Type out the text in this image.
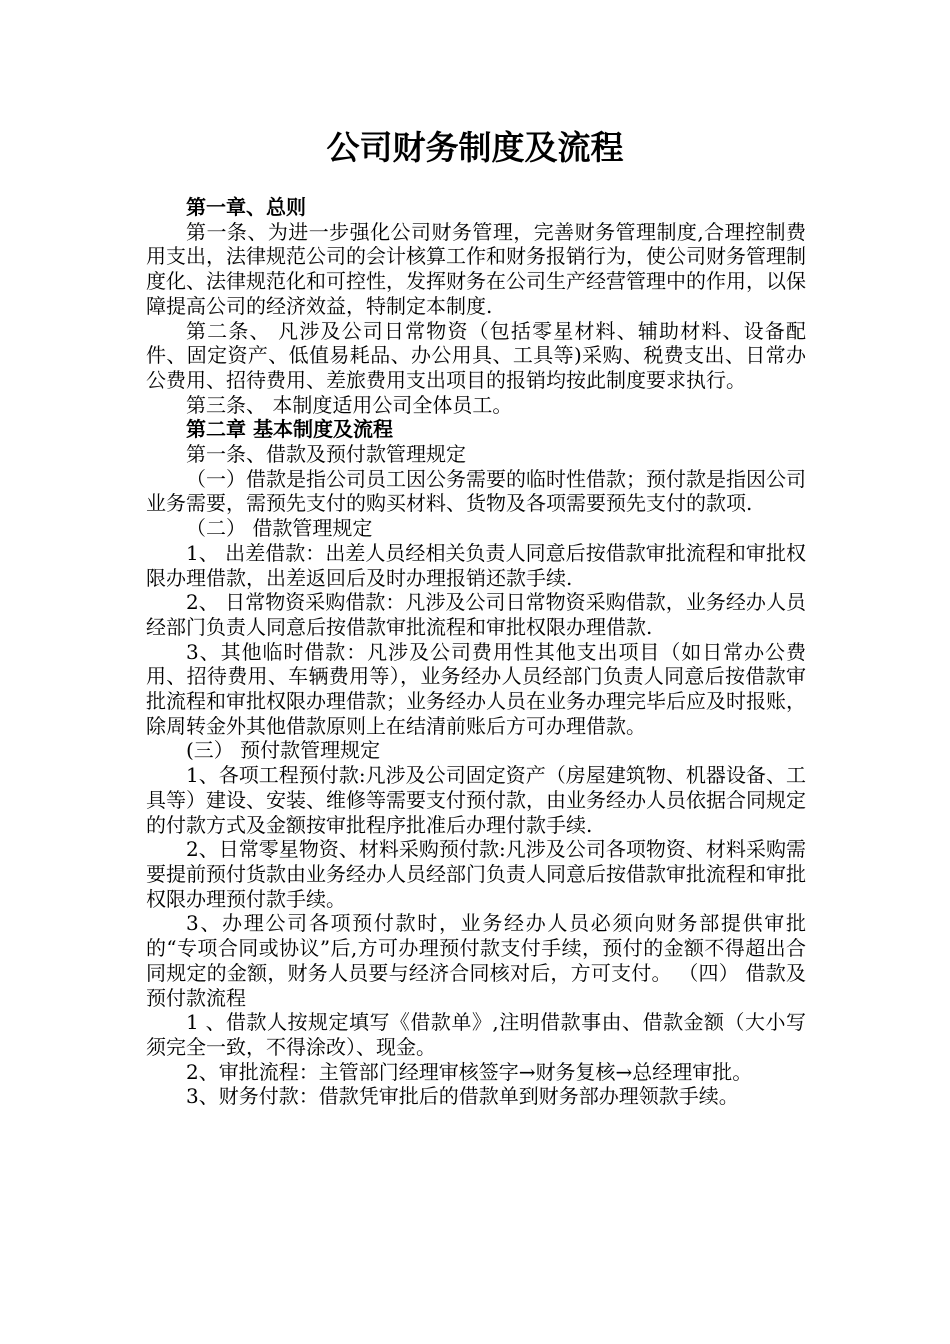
公司财务制度及流程

第一章、总则

第一条、为进一步强化公司财务管理，完善财务管理制度,合理控制费用支出，法律规范公司的会计核算工作和财务报销行为，使公司财务管理制度化、法律规范化和可控性，发挥财务在公司生产经营管理中的作用，以保障提高公司的经济效益，特制定本制度.

第二条、 凡涉及公司日常物资（包括零星材料、辅助材料、设备配件、固定资产、低值易耗品、办公用具、工具等)采购、税费支出、日常办公费用、招待费用、差旅费用支出项目的报销均按此制度要求执行。

第三条、 本制度适用公司全体员工。

第二章 基本制度及流程

第一条、借款及预付款管理规定

（一）借款是指公司员工因公务需要的临时性借款；预付款是指因公司业务需要，需预先支付的购买材料、货物及各项需要预先支付的款项.

（二） 借款管理规定

1、 出差借款：出差人员经相关负责人同意后按借款审批流程和审批权限办理借款，出差返回后及时办理报销还款手续.

2、 日常物资采购借款：凡涉及公司日常物资采购借款，业务经办人员经部门负责人同意后按借款审批流程和审批权限办理借款.

3、其他临时借款：凡涉及公司费用性其他支出项目（如日常办公费用、招待费用、车辆费用等），业务经办人员经部门负责人同意后按借款审批流程和审批权限办理借款；业务经办人员在业务办理完毕后应及时报账，除周转金外其他借款原则上在结清前账后方可办理借款。

(三） 预付款管理规定

1、各项工程预付款:凡涉及公司固定资产（房屋建筑物、机器设备、工具等）建设、安装、维修等需要支付预付款，由业务经办人员依据合同规定的付款方式及金额按审批程序批准后办理付款手续.

2、日常零星物资、材料采购预付款:凡涉及公司各项物资、材料采购需要提前预付货款由业务经办人员经部门负责人同意后按借款审批流程和审批权限办理预付款手续。

3、办理公司各项预付款时，业务经办人员必须向财务部提供审批的“专项合同或协议”后,方可办理预付款支付手续，预付的金额不得超出合同规定的金额，财务人员要与经济合同核对后，方可支付。 （四） 借款及预付款流程

1 、借款人按规定填写《借款单》,注明借款事由、借款金额（大小写须完全一致，不得涂改）、现金。

2、审批流程：主管部门经理审核签字→财务复核→总经理审批。

3、财务付款：借款凭审批后的借款单到财务部办理领款手续。
